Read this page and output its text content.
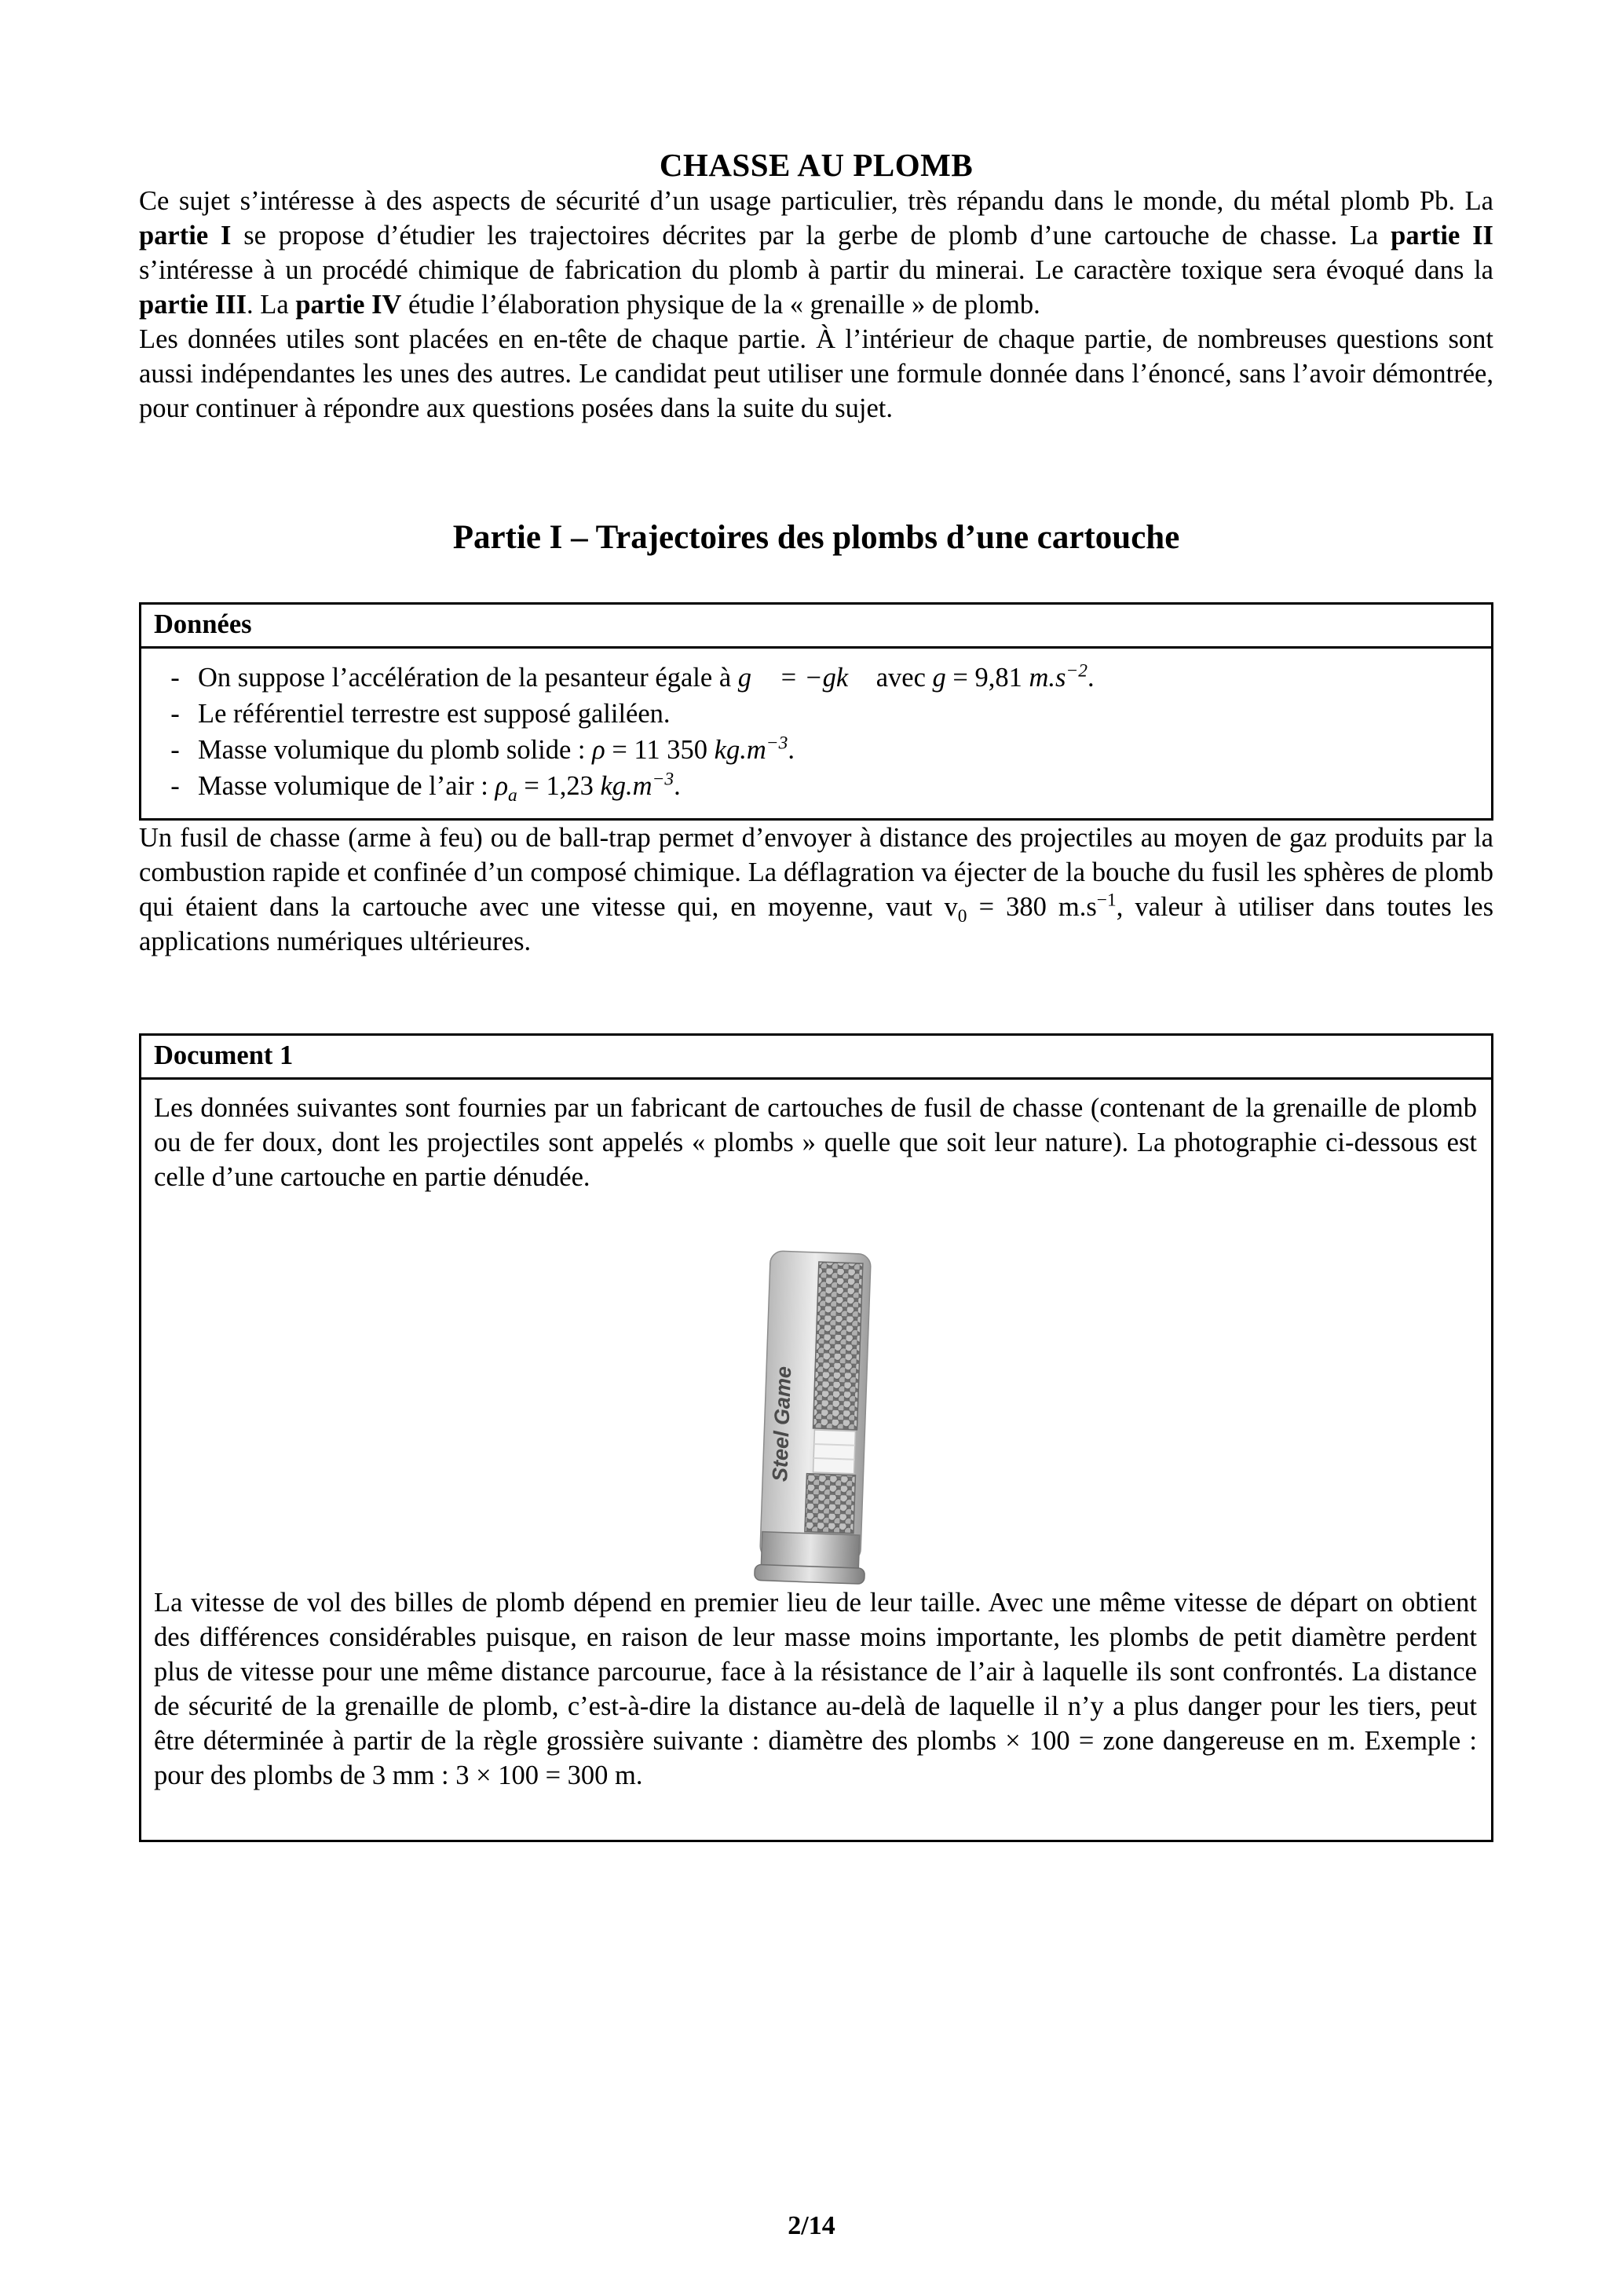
CHASSE AU PLOMB

Ce sujet s’intéresse à des aspects de sécurité d’un usage particulier, très répandu dans le monde, du métal plomb Pb. La partie I se propose d’étudier les trajectoires décrites par la gerbe de plomb d’une cartouche de chasse. La partie II s’intéresse à un procédé chimique de fabrication du plomb à partir du minerai. Le caractère toxique sera évoqué dans la partie III. La partie IV étudie l’élaboration physique de la « grenaille » de plomb.

Les données utiles sont placées en en-tête de chaque partie. À l’intérieur de chaque partie, de nombreuses questions sont aussi indépendantes les unes des autres. Le candidat peut utiliser une formule donnée dans l’énoncé, sans l’avoir démontrée, pour continuer à répondre aux questions posées dans la suite du sujet.

Partie I – Trajectoires des plombs d’une cartouche
Données
- On suppose l’accélération de la pesanteur égale à g⃗ = −gk⃗ avec g = 9,81 $m.s^{-2}$.
- Le référentiel terrestre est supposé galiléen.
- Masse volumique du plomb solide : ρ = 11 350 $kg.m^{-3}$.
- Masse volumique de l’air : $\rho_a = 1,23$ $kg.m^{-3}$.

Un fusil de chasse (arme à feu) ou de ball-trap permet d’envoyer à distance des projectiles au moyen de gaz produits par la combustion rapide et confinée d’un composé chimique. La déflagration va éjecter de la bouche du fusil les sphères de plomb qui étaient dans la cartouche avec une vitesse qui, en moyenne, vaut $v_0 = 380$ $m.s^{-1}$, valeur à utiliser dans toutes les applications numériques ultérieures.

Document 1

Les données suivantes sont fournies par un fabricant de cartouches de fusil de chasse (contenant de la grenaille de plomb ou de fer doux, dont les projectiles sont appelés « plombs » quelle que soit leur nature). La photographie ci-dessous est celle d’une cartouche en partie dénudée.

Steel Game

La vitesse de vol des billes de plomb dépend en premier lieu de leur taille. Avec une même vitesse de départ on obtient des différences considérables puisque, en raison de leur masse moins importante, les plombs de petit diamètre perdent plus de vitesse pour une même distance parcourue, face à la résistance de l’air à laquelle ils sont confrontés. La distance de sécurité de la grenaille de plomb, c’est-à-dire la distance au-delà de laquelle il n’y a plus danger pour les tiers, peut être déterminée à partir de la règle grossière suivante : diamètre des plombs × 100 = zone dangereuse en m. Exemple : pour des plombs de 3 mm : 3 × 100 = 300 m.

2/14
